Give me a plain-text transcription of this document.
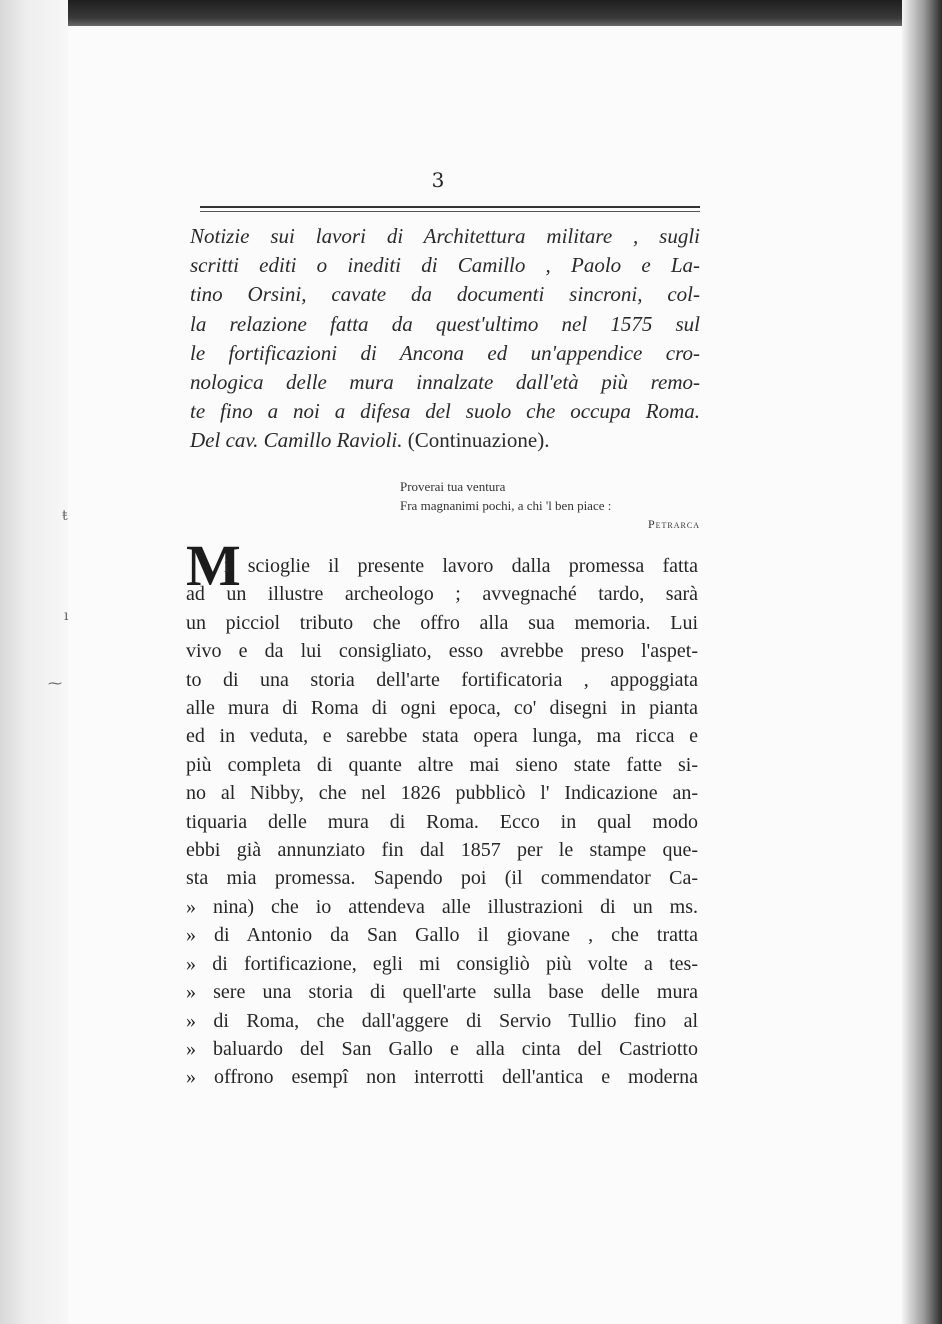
3
Notizie sui lavori di Architettura militare , sugli
scritti editi o inediti di Camillo , Paolo e La-
tino Orsini, cavate da documenti sincroni, col-
la relazione fatta da quest'ultimo nel 1575 sul
le fortificazioni di Ancona ed un'appendice cro-
nologica delle mura innalzate dall'età più remo-
te fino a noi a difesa del suolo che occupa Roma.
Del cav. Camillo Ravioli. (Continuazione).
Proverai tua ventura
Fra magnanimi pochi, a chi 'l ben piace :
Petrarca
M
i sciogli​e il presente lavoro dalla promessa fatta
ad un illustre archeologo ; avvegnaché tardo, sarà
un picciol tributo che offro alla sua memoria. Lui
vivo e da lui consigliato, esso avrebbe preso l'aspet-
to di una storia dell'arte fortificatoria , appoggiata
alle mura di Roma di ogni epoca, co' disegni in pianta
ed in veduta, e sarebbe stata opera lunga, ma ricca e
più completa di quante altre mai sieno state fatte si-
no al Nibby, che nel 1826 pubblicò l' Indicazione an-
tiquaria delle mura di Roma. Ecco in qual modo
ebbi già annunziato fin dal 1857 per le stampe que-
sta mia promessa. Sapendo poi (il commendator Ca-
» nina) che io attendeva alle illustrazioni di un ms.
» di Antonio da San Gallo il giovane , che tratta
» di fortificazione, egli mi consigliò più volte a tes-
» sere una storia di quell'arte sulla base delle mura
» di Roma, che dall'aggere di Servio Tullio fino al
» baluardo del San Gallo e alla cinta del Castriotto
» offrono esempî non interrotti dell'antica e moderna
ŧ
ı
⁓
